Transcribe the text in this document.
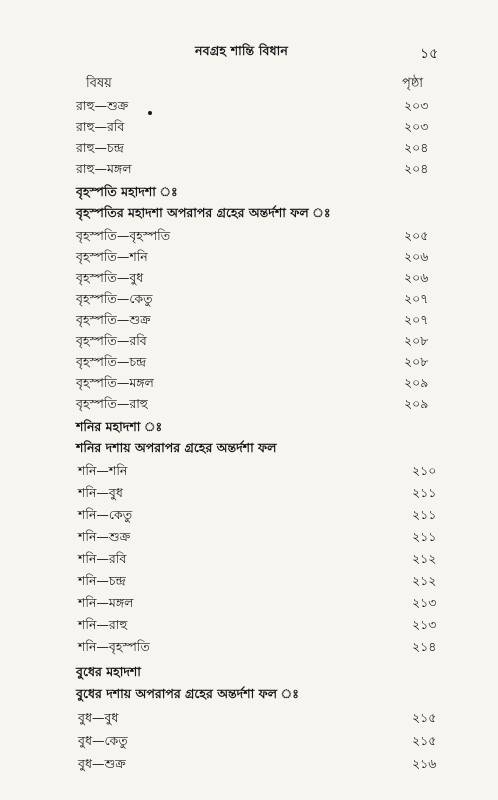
নবগ্রহ শান্তি বিধান	১৫
বিষয়	পৃষ্ঠা
রাহু—শুক্র	২০৩
রাহু—রবি	২০৩
রাহু—চন্দ্র	২০৪
রাহু—মঙ্গল	২০৪
বৃহস্পতি মহাদশা ঃ
বৃহস্পতির মহাদশা অপরাপর গ্রহের অন্তর্দশা ফল ঃ
বৃহস্পতি—বৃহস্পতি	২০৫
বৃহস্পতি—শনি	২০৬
বৃহস্পতি—বুধ	২০৬
বৃহস্পতি—কেতু	২০৭
বৃহস্পতি—শুক্র	২০৭
বৃহস্পতি—রবি	২০৮
বৃহস্পতি—চন্দ্র	২০৮
বৃহস্পতি—মঙ্গল	২০৯
বৃহস্পতি—রাহু	২০৯
শনির মহাদশা ঃ
শনির দশায় অপরাপর গ্রহের অন্তর্দশা ফল
শনি—শনি	২১০
শনি—বুধ	২১১
শনি—কেতু	২১১
শনি—শুক্র	২১১
শনি—রবি	২১২
শনি—চন্দ্র	২১২
শনি—মঙ্গল	২১৩
শনি—রাহু	২১৩
শনি—বৃহস্পতি	২১৪
বুধের মহাদশা
বুধের দশায় অপরাপর গ্রহের অন্তর্দশা ফল ঃ
বুধ—বুধ	২১৫
বুধ—কেতু	২১৫
বুধ—শুক্র	২১৬
